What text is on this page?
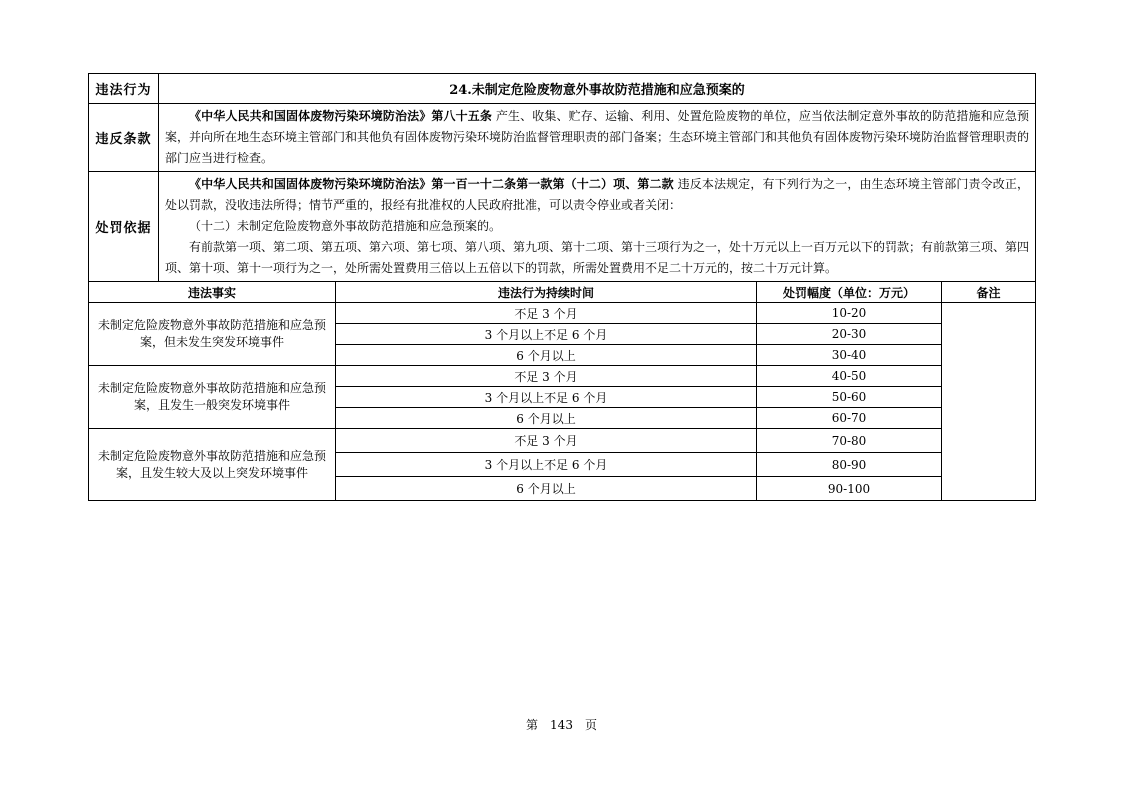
违法行为	24.未制定危险废物意外事故防范措施和应急预案的
违反条款	《中华人民共和国固体废物污染环境防治法》第八十五条 产生、收集、贮存、运输、利用、处置危险废物的单位，应当依法制定意外事故的防范措施和应急预案，并向所在地生态环境主管部门和其他负有固体废物污染环境防治监督管理职责的部门备案；生态环境主管部门和其他负有固体废物污染环境防治监督管理职责的部门应当进行检查。
处罚依据	《中华人民共和国固体废物污染环境防治法》第一百一十二条第一款第（十二）项、第二款 违反本法规定，有下列行为之一，由生态环境主管部门责令改正，处以罚款，没收违法所得；情节严重的，报经有批准权的人民政府批准，可以责令停业或者关闭：
（十二）未制定危险废物意外事故防范措施和应急预案的。
有前款第一项、第二项、第五项、第六项、第七项、第八项、第九项、第十二项、第十三项行为之一，处十万元以上一百万元以下的罚款；有前款第三项、第四项、第十项、第十一项行为之一，处所需处置费用三倍以上五倍以下的罚款，所需处置费用不足二十万元的，按二十万元计算。
违法事实	违法行为持续时间	处罚幅度（单位：万元）	备注
未制定危险废物意外事故防范措施和应急预案，但未发生突发环境事件	不足 3 个月	10-20	
	3 个月以上不足 6 个月	20-30	
	6 个月以上	30-40	
未制定危险废物意外事故防范措施和应急预案，且发生一般突发环境事件	不足 3 个月	40-50	
	3 个月以上不足 6 个月	50-60	
	6 个月以上	60-70	
未制定危险废物意外事故防范措施和应急预案，且发生较大及以上突发环境事件	不足 3 个月	70-80	
	3 个月以上不足 6 个月	80-90	
	6 个月以上	90-100	
第 143 页
